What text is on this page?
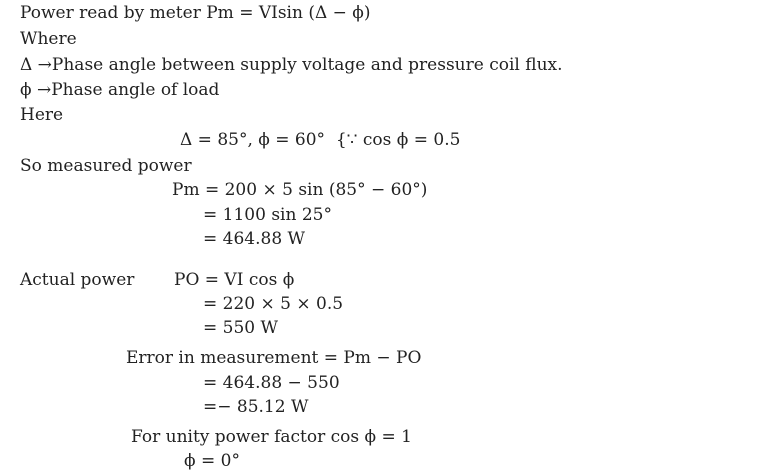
Power read by meter Pm = VIsin (Δ − ϕ)
Where
Δ →Phase angle between supply voltage and pressure coil flux.
ϕ →Phase angle of load
Here
Δ = 85°, ϕ = 60°  {∵ cos ϕ = 0.5
So measured power
Pm = 200 × 5 sin (85° − 60°)
= 1100 sin 25°
= 464.88 W
Actual power PO = VI cos ϕ
= 220 × 5 × 0.5
= 550 W
Error in measurement = Pm − PO
= 464.88 − 550
=− 85.12 W
For unity power factor cos ϕ = 1
ϕ = 0°
